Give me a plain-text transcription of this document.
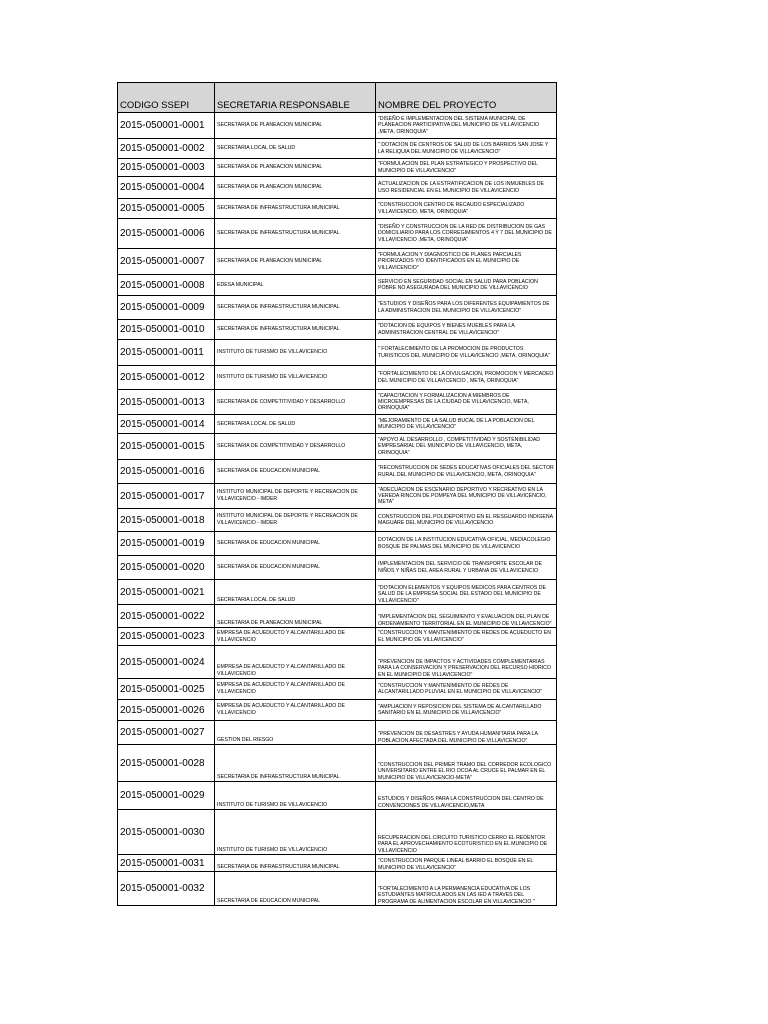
CODIGO SSEPI	SECRETARIA RESPONSABLE	NOMBRE DEL PROYECTO
2015-050001-0001	SECRETARIA DE PLANEACION MUNICIPAL	"DISEÑO E IMPLEMENTACION DEL SISTEMA MUNICIPAL DE PLANEACION PARTICIPATIVA DEL MUNICIPIO DE VILLAVICENCIO ,META, ORINOQUIA"
2015-050001-0002	SECRETARIA LOCAL DE SALUD	" DOTACION DE CENTROS DE SALUD DE LOS BARRIOS SAN JOSE Y LA RELIQUIA DEL MUNICIPIO DE VILLAVICENCIO"
2015-050001-0003	SECRETARIA DE PLANEACION MUNICIPAL	"FORMULACION DEL PLAN ESTRATEGICO Y PROSPECTIVO DEL MUNICIPIO DE VILLAVICENCIO"
2015-050001-0004	SECRETARIA DE PLANEACION MUNICIPAL	ACTUALIZACION DE LA ESTRATIFICACION DE LOS INMUEBLES DE USO RESIDENCIAL EN EL MUNICIPIO DE VILLAVICENCIO
2015-050001-0005	SECRETARIA DE INFRAESTRUCTURA MUNICIPAL	"CONSTRUCCION CENTRO DE RECAUDO ESPECIALIZADO VILLAVICENCIO, META, ORINOQUIA"
2015-050001-0006	SECRETARIA DE INFRAESTRUCTURA MUNICIPAL	"DISEÑO Y CONSTRUCCION DE LA RED DE DISTRIBUCION DE GAS DOMICILIARIO PARA LOS CORREGIMIENTOS 4 Y 7 DEL MUNICIPIO DE VILLAVICENCIO ,META, ORINOQUIA"
2015-050001-0007	SECRETARIA DE PLANEACION MUNICIPAL	"FORMULACION Y DIAGNOSTICO DE PLANES PARCIALES PRIORIZADOS Y/O IDENTIFICADOS EN EL MUNICIPIO DE VILLAVICENCIO"
2015-050001-0008	EDESA MUNICIPAL	SERVICIO EN SEGURIDAD SOCIAL EN SALUD PARA POBLACION POBRE NO ASEGURADA DEL MUNICIPIO DE VILLAVICENCIO
2015-050001-0009	SECRETARIA DE INFRAESTRUCTURA MUNICIPAL	"ESTUDIOS Y DISEÑOS PARA LOS DIFERENTES EQUIPAMIENTOS DE LA ADMINISTRACION DEL MUNICIPIO DE VILLAVICENCIO"
2015-050001-0010	SECRETARIA DE INFRAESTRUCTURA MUNICIPAL	"DOTACION DE EQUIPOS Y BIENES MUEBLES PARA LA ADMINISTRACION CENTRAL DE VILLAVICENCIO"
2015-050001-0011	INSTITUTO DE TURISMO DE VILLAVICENCIO	" FORTALECIMIENTO DE LA PROMOCION DE PRODUCTOS TURISTICOS DEL MUNICIPIO DE VILLAVICENCIO ,META, ORINOQUIA"
2015-050001-0012	INSTITUTO DE TURISMO DE VILLAVICENCIO	"FORTALECIMIENTO DE LA DIVULGACION, PROMOCION Y MERCADEO DEL MUNICIPIO DE VILLAVICENCIO , META, ORINOQUIA"
2015-050001-0013	SECRETARIA DE COMPETITIVIDAD Y DESARROLLO	"CAPACITACION Y FORMALIZACION A MIEMBROS DE MICROEMPRESAS DE LA CIUDAD DE VILLAVICENCIO, META, ORINOQUIA"
2015-050001-0014	SECRETARIA LOCAL DE SALUD	"MEJORAMIENTO DE LA SALUD BUCAL DE LA POBLACION DEL MUNICIPIO DE VILLAVICENCIO"
2015-050001-0015	SECRETARIA DE COMPETITIVIDAD Y DESARROLLO	"APOYO AL DESARROLLO , COMPETITIVIDAD Y SOSTENIBILIDAD EMPRESARIAL DEL MUNICIPIO DE VILLAVICENCIO, META, ORINOQUIA"
2015-050001-0016	SECRETARIA DE EDUCACION MUNICIPAL	"RECONSTRUCCION DE SEDES EDUCATIVAS OFICIALES DEL SECTOR RURAL DEL MUNICIPIO DE VILLAVICENCIO, META, ORINOQUIA"
2015-050001-0017	INSTITUTO MUNICIPAL DE DEPORTE Y RECREACION DE VILLAVICENCIO - IMDER	"ADECUACION DE ESCENARIO DEPORTIVO Y RECREATIVO EN LA VEREDA RINCON DE POMPEYA DEL MUNICIPIO DE VILLAVICENCIO, META"
2015-050001-0018	INSTITUTO MUNICIPAL DE DEPORTE Y RECREACION DE VILLAVICENCIO - IMDER	CONSTRUCCION DEL POLIDEPORTIVO EN EL RESGUARDO INDIGENA MAGUARE DEL MUNICIPIO DE VILLAVICENCIO
2015-050001-0019	SECRETARIA DE EDUCACION MUNICIPAL	DOTACION DE LA INSTITUCION EDUCATIVA OFICIAL, MEDIACOLEGIO BOSQUE DE PALMAS DEL MUNICIPIO DE VILLAVICENCIO
2015-050001-0020	SECRETARIA DE EDUCACION MUNICIPAL	IMPLEMENTACION DEL SERVICIO DE TRANSPORTE ESCOLAR DE NIÑOS Y NIÑAS DEL AREA RURAL Y URBANA DE VILLAVICENCIO
2015-050001-0021	SECRETARIA LOCAL DE SALUD	"DOTACION ELEMENTOS Y EQUIPOS MEDICOS PARA CENTROS DE SALUD DE LA EMPRESA SOCIAL DEL ESTADO DEL MUNICIPIO DE VILLAVICENCIO"
2015-050001-0022	SECRETARIA DE PLANEACION MUNICIPAL	"IMPLEMENTACION DEL SEGUIMIENTO Y EVALUACION DEL PLAN DE ORDENAMIENTO TERRITORIAL EN EL MUNICIPIO DE VILLAVICENCIO"
2015-050001-0023	EMPRESA DE ACUEDUCTO Y ALCANTARILLADO DE VILLAVICENCIO	"CONSTRUCCION Y MANTENIMIENTO DE REDES DE ACUEDUCTO EN EL MUNICIPIO DE VILLAVICENCIO"
2015-050001-0024	EMPRESA DE ACUEDUCTO Y ALCANTARILLADO DE VILLAVICENCIO	"PREVENCION DE IMPACTOS Y ACTIVIDADES COMPLEMENTARIAS PARA LA CONSERVACION Y PRESERVACION DEL RECURSO HIDRICO EN EL MUNICIPIO DE VILLAVICENCIO"
2015-050001-0025	EMPRESA DE ACUEDUCTO Y ALCANTARILLADO DE VILLAVICENCIO	"CONSTRUCCION Y MANTENIMIENTO DE REDES DE ALCANTARILLADO PLUVIAL EN EL MUNICIPIO DE VILLAVICENCIO"
2015-050001-0026	EMPRESA DE ACUEDUCTO Y ALCANTARILLADO DE VILLAVICENCIO	"AMPLIACION Y REPOSICION DEL SISTEMA DE ALCANTARILLADO SANITARIO EN EL MUNICIPIO DE VILLAVICENCIO"
2015-050001-0027	GESTION DEL RIESGO	"PREVENCION DE DESASTRES Y AYUDA HUMANITARIA PARA LA POBLACION AFECTADA DEL MUNICIPIO DE VILLAVICENCIO"
2015-050001-0028	SECRETARIA DE INFRAESTRUCTURA MUNICIPAL	"CONSTRUCCION DEL PRIMER TRAMO DEL CORREDOR ECOLOGICO UNIVERSITARIO ENTRE EL RIO OCOA AL CRUCE EL PALMAR EN EL MUNICIPIO DE VILLAVICENCIO-META"
2015-050001-0029	INSTITUTO DE TURISMO DE VILLAVICENCIO	ESTUDIOS Y DISEÑOS PARA LA CONSTRUCCION DEL CENTRO DE CONVENCIONES DE VILLAVICENCIO,META
2015-050001-0030	INSTITUTO DE TURISMO DE VILLAVICENCIO	RECUPERACION DEL CIRCUITO TURISTICO CERRO EL REDENTOR PARA EL APROVECHAMIENTO ECOTURISTICO EN EL MUNICIPIO DE VILLAVICENCIO
2015-050001-0031	SECRETARIA DE INFRAESTRUCTURA MUNICIPAL	"CONSTRUCCION PARQUE LINEAL BARRIO EL BOSQUE EN EL MUNICIPIO DE VILLAVICENCIO"
2015-050001-0032	SECRETARIA DE EDUCACION MUNICIPAL	"FORTALECIMIENTO A LA PERMANENCIA EDUCATIVA DE LOS ESTUDIANTES MATRICULADOS EN LAS IED A TRAVES DEL PROGRAMA DE ALIMENTACION ESCOLAR EN VILLAVICENCIO "
